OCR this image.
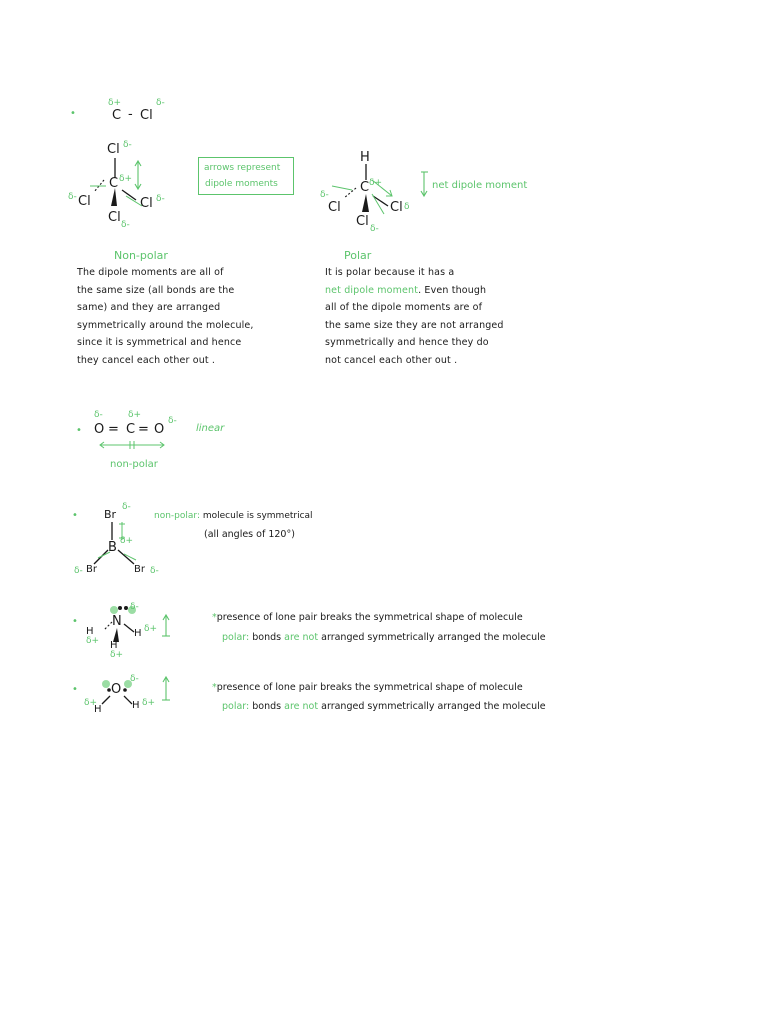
•
δ+
C - Cl
δ-
Cl δ-
C δ+
δ- Cl	Cl δ-
Cl δ-
arrows represent
dipole moments
Non-polar
The dipole moments are all of
the same size (all bonds are the
same) and they are arranged
symmetrically around the molecule,
since it is symmetrical and hence
they cancel each other out .
H
C δ+
δ-
Cl	Cl δ
Cl δ-
net dipole moment
Polar
It is polar because it has a
net dipole moment. Even though
all of the dipole moments are of
the same size they are not arranged
symmetrically and hence they do
not cancel each other out .
•
δ-	δ+
O = C = O
δ-
linear
non-polar
• Br
δ-
B δ+
δ- Br	Br δ-
non-polar: molecule is symmetrical
(all angles of 120°)
•	N
δ+
H	H δ+
H
δ+
δ-
*presence of lone pair breaks the symmetrical shape of molecule
polar: bonds are not arranged symmetrically arranged the molecule
•	O
δ-
δ+
H	H δ+
*presence of lone pair breaks the symmetrical shape of molecule
polar: bonds are not arranged symmetrically arranged the molecule
